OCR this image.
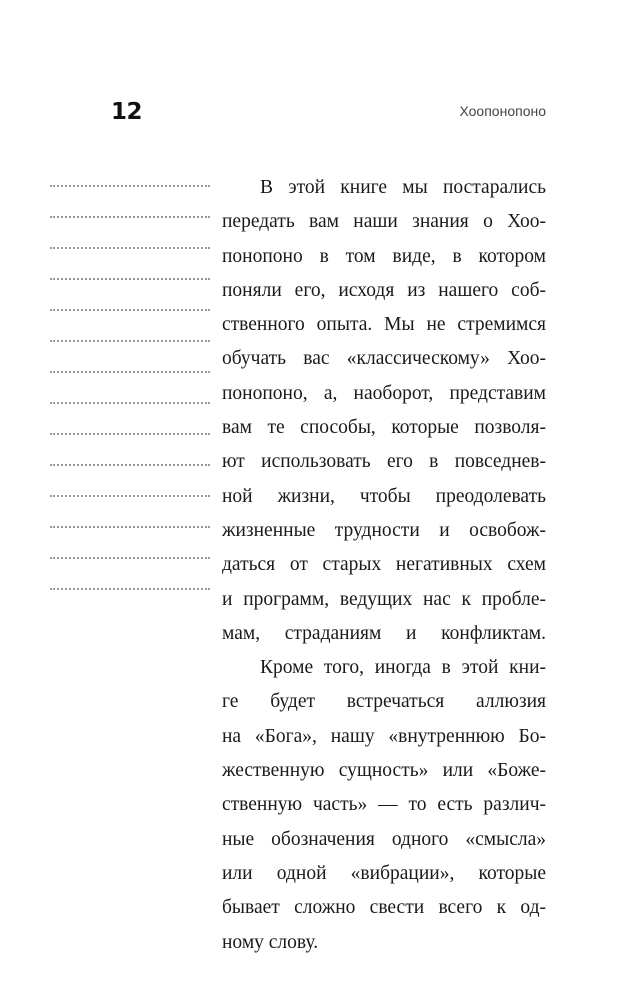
12	Хоопонопоно
В этой книге мы постарались
передать вам наши знания о Хоо-
понопоно в том виде, в котором
поняли его, исходя из нашего соб-
ственного опыта. Мы не стремимся
обучать вас «классическому» Хоо-
понопоно, а, наоборот, представим
вам те способы, которые позволя-
ют использовать его в повседнев-
ной жизни, чтобы преодолевать
жизненные трудности и освобож-
даться от старых негативных схем
и программ, ведущих нас к пробле-
мам, страданиям и конфликтам.
Кроме того, иногда в этой кни-
ге будет встречаться аллюзия
на «Бога», нашу «внутреннюю Бо-
жественную сущность» или «Боже-
ственную часть» — то есть различ-
ные обозначения одного «смысла»
или одной «вибрации», которые
бывает сложно свести всего к од-
ному слову.
